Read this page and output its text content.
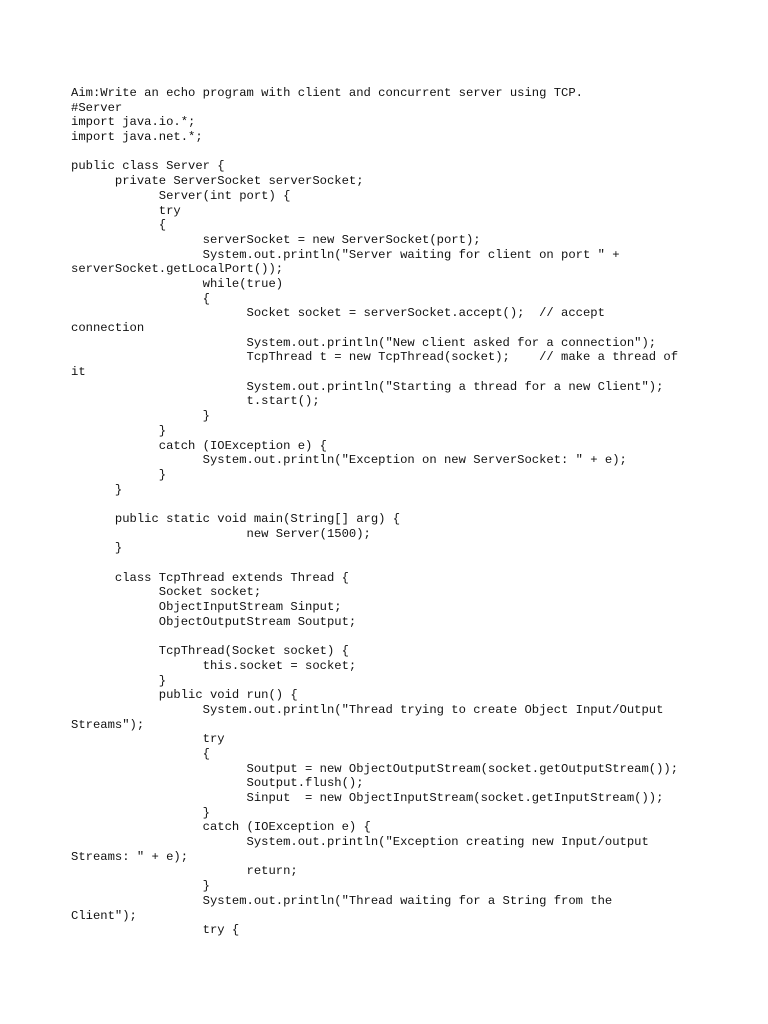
Aim:Write an echo program with client and concurrent server using TCP.
#Server
import java.io.*;
import java.net.*;
public class Server {
private ServerSocket serverSocket;
Server(int port) {
try
{
serverSocket = new ServerSocket(port);
System.out.println("Server waiting for client on port " +
serverSocket.getLocalPort());
while(true)
{
Socket socket = serverSocket.accept();  // accept
connection
System.out.println("New client asked for a connection");
TcpThread t = new TcpThread(socket);    // make a thread of
it
System.out.println("Starting a thread for a new Client");
t.start();
}
}
catch (IOException e) {
System.out.println("Exception on new ServerSocket: " + e);
}
}
public static void main(String[] arg) {
new Server(1500);
}
class TcpThread extends Thread {
Socket socket;
ObjectInputStream Sinput;
ObjectOutputStream Soutput;
TcpThread(Socket socket) {
this.socket = socket;
}
public void run() {
System.out.println("Thread trying to create Object Input/Output
Streams");
try
{
Soutput = new ObjectOutputStream(socket.getOutputStream());
Soutput.flush();
Sinput  = new ObjectInputStream(socket.getInputStream());
}
catch (IOException e) {
System.out.println("Exception creating new Input/output
Streams: " + e);
return;
}
System.out.println("Thread waiting for a String from the
Client");
try {
